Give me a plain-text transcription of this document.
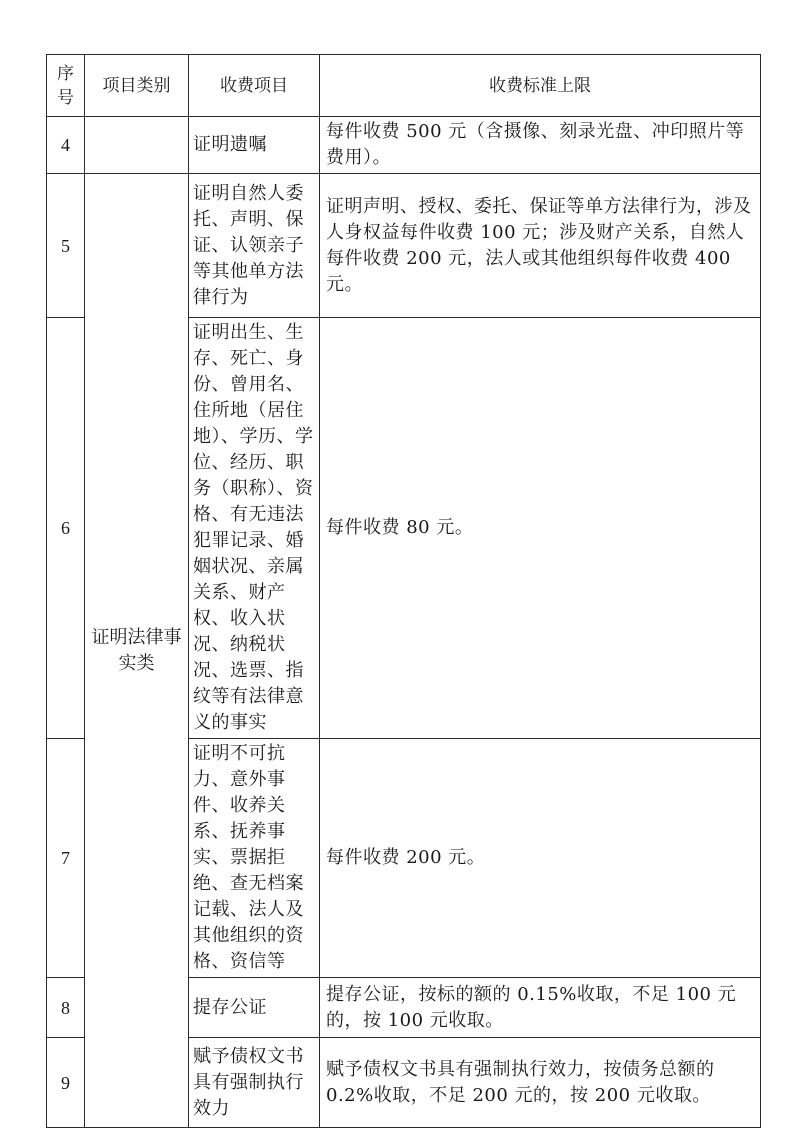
序
号	项目类别	收费项目	收费标准上限
4		证明遗嘱	每件收费 500 元（含摄像、刻录光盘、冲印照片等费用）。
5	证明法律事实类	证明自然人委托、声明、保证、认领亲子等其他单方法律行为	证明声明、授权、委托、保证等单方法律行为，涉及人身权益每件收费 100 元；涉及财产关系，自然人每件收费 200 元，法人或其他组织每件收费 400 元。
6		证明出生、生存、死亡、身份、曾用名、住所地（居住地）、学历、学位、经历、职务（职称）、资格、有无违法犯罪记录、婚姻状况、亲属关系、财产权、收入状况、纳税状况、选票、指纹等有法律意义的事实	每件收费 80 元。
7		证明不可抗力、意外事件、收养关系、抚养事实、票据拒绝、查无档案记载、法人及其他组织的资格、资信等	每件收费 200 元。
8		提存公证	提存公证，按标的额的 0.15%收取，不足 100 元的，按 100 元收取。
9		赋予债权文书具有强制执行效力	赋予债权文书具有强制执行效力，按债务总额的 0.2%收取，不足 200 元的，按 200 元收取。
